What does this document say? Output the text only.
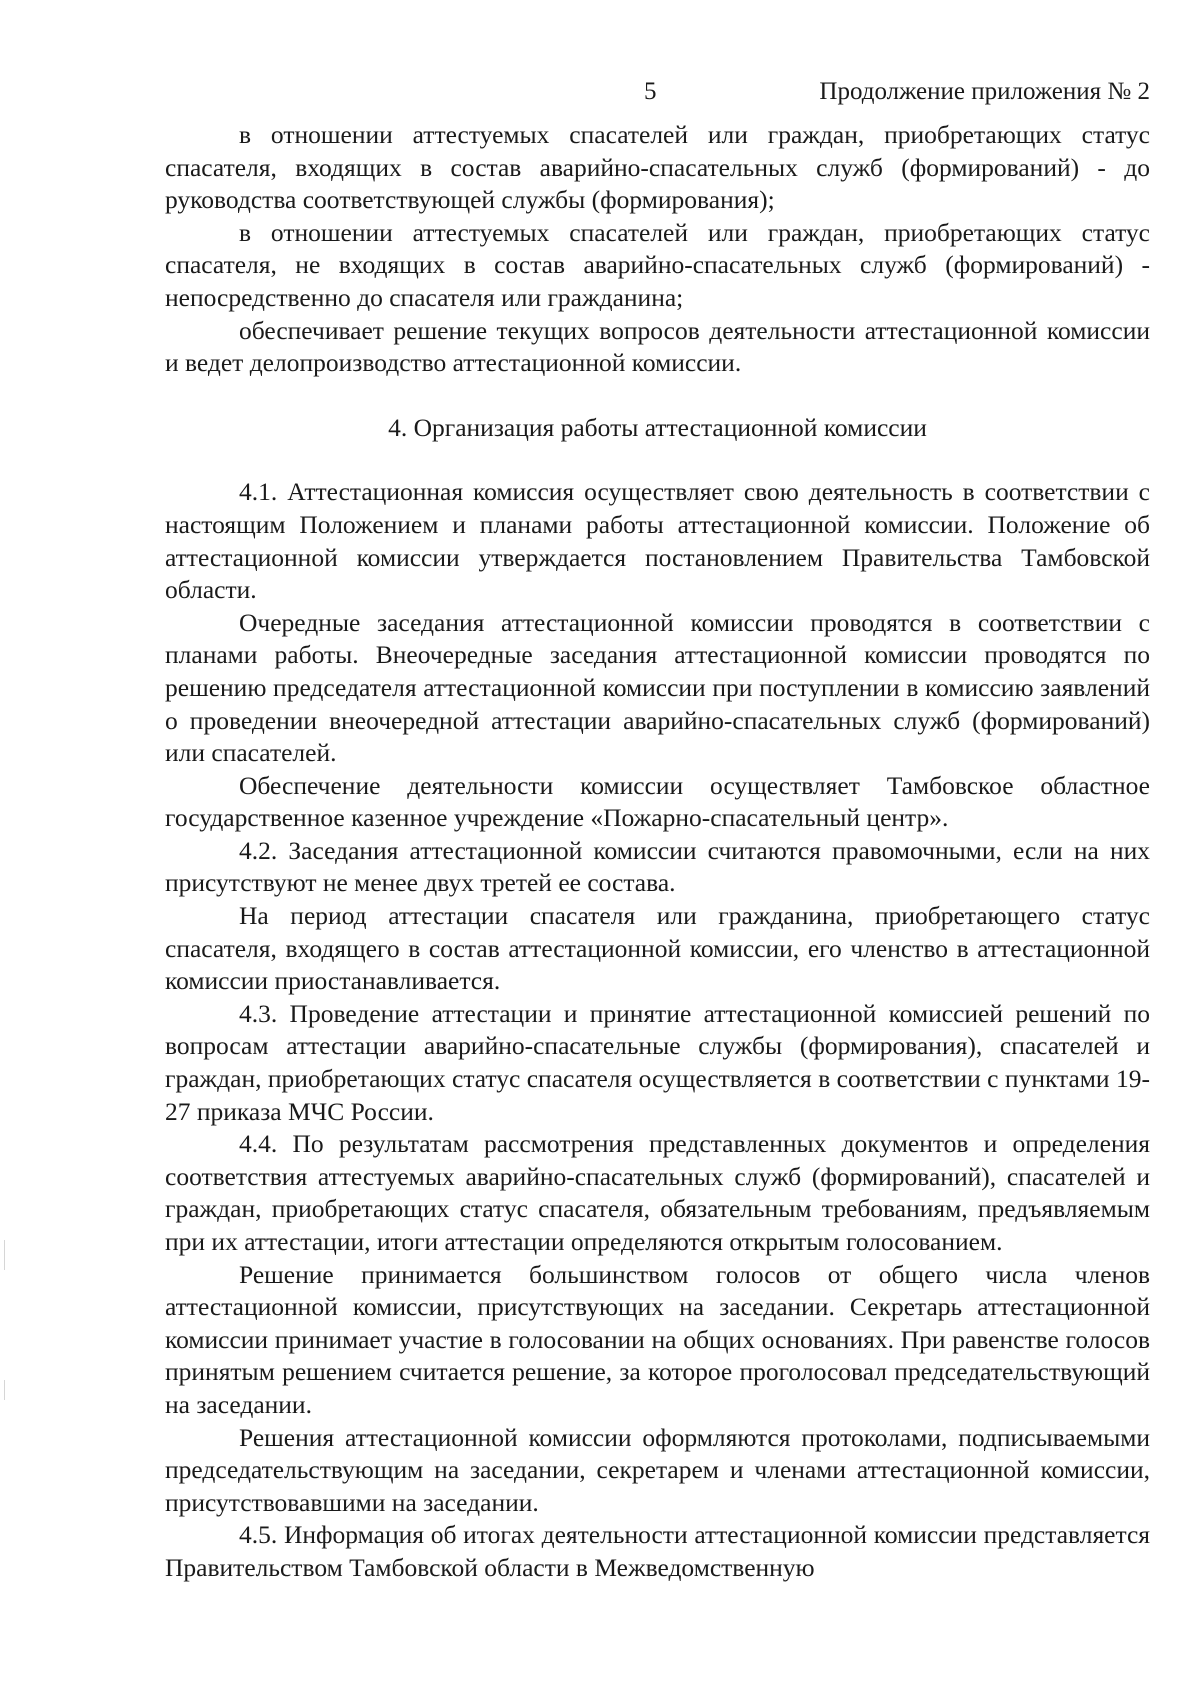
5	Продолжение приложения № 2

в отношении аттестуемых спасателей или граждан, приобретающих статус спасателя, входящих в состав аварийно-спасательных служб (формирований) - до руководства соответствующей службы (формирования);

в отношении аттестуемых спасателей или граждан, приобретающих статус спасателя, не входящих в состав аварийно-спасательных служб (формирований) - непосредственно до спасателя или гражданина;

обеспечивает решение текущих вопросов деятельности аттестационной комиссии и ведет делопроизводство аттестационной комиссии.

4. Организация работы аттестационной комиссии

4.1. Аттестационная комиссия осуществляет свою деятельность в соответствии с настоящим Положением и планами работы аттестационной комиссии. Положение об аттестационной комиссии утверждается постановлением Правительства Тамбовской области.

Очередные заседания аттестационной комиссии проводятся в соответствии с планами работы. Внеочередные заседания аттестационной комиссии проводятся по решению председателя аттестационной комиссии при поступлении в комиссию заявлений о проведении внеочередной аттестации аварийно-спасательных служб (формирований) или спасателей.

Обеспечение деятельности комиссии осуществляет Тамбовское областное государственное казенное учреждение «Пожарно-спасательный центр».

4.2. Заседания аттестационной комиссии считаются правомочными, если на них присутствуют не менее двух третей ее состава.

На период аттестации спасателя или гражданина, приобретающего статус спасателя, входящего в состав аттестационной комиссии, его членство в аттестационной комиссии приостанавливается.

4.3. Проведение аттестации и принятие аттестационной комиссией решений по вопросам аттестации аварийно-спасательные службы (формирования), спасателей и граждан, приобретающих статус спасателя осуществляется в соответствии с пунктами 19-27 приказа МЧС России.

4.4. По результатам рассмотрения представленных документов и определения соответствия аттестуемых аварийно-спасательных служб (формирований), спасателей и граждан, приобретающих статус спасателя, обязательным требованиям, предъявляемым при их аттестации, итоги аттестации определяются открытым голосованием.

Решение принимается большинством голосов от общего числа членов аттестационной комиссии, присутствующих на заседании. Секретарь аттестационной комиссии принимает участие в голосовании на общих основаниях. При равенстве голосов принятым решением считается решение, за которое проголосовал председательствующий на заседании.

Решения аттестационной комиссии оформляются протоколами, подписываемыми председательствующим на заседании, секретарем и членами аттестационной комиссии, присутствовавшими на заседании.

4.5. Информация об итогах деятельности аттестационной комиссии представляется Правительством Тамбовской области в Межведомственную
